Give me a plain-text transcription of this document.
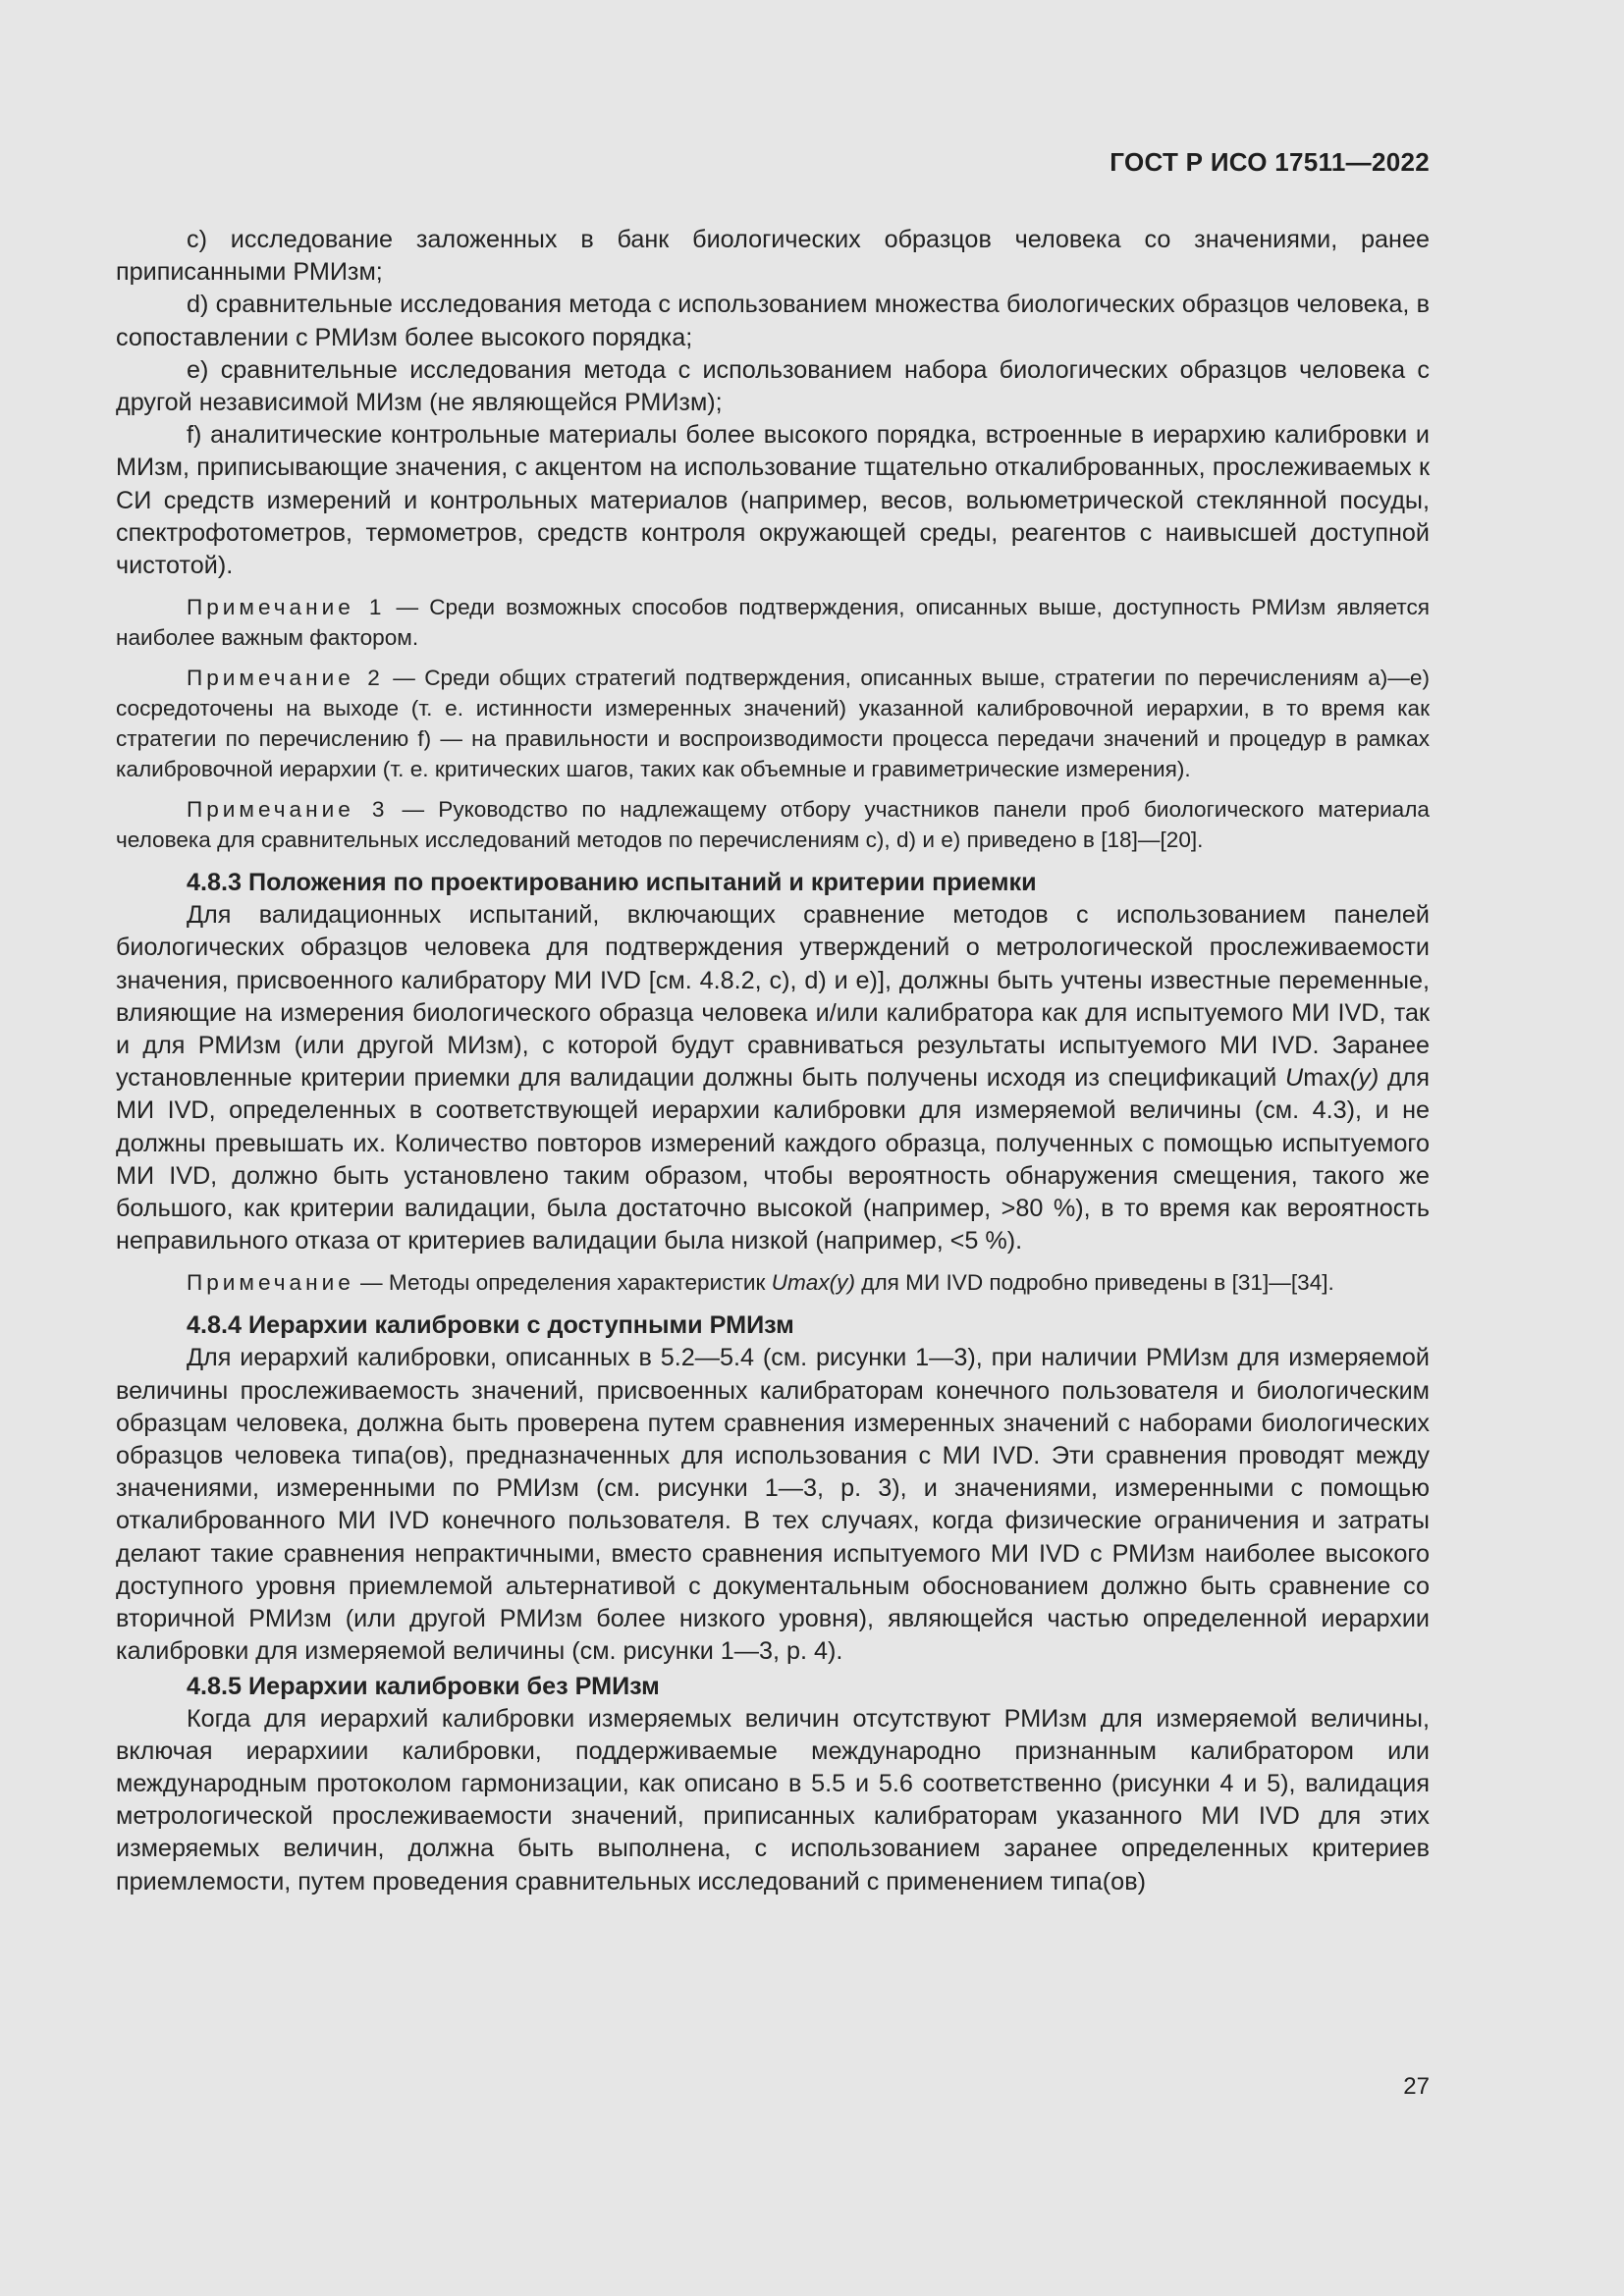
ГОСТ Р ИСО 17511—2022

c) исследование заложенных в банк биологических образцов человека со значениями, ранее приписанными РМИзм;

d) сравнительные исследования метода с использованием множества биологических образцов человека, в сопоставлении с РМИзм более высокого порядка;

e) сравнительные исследования метода с использованием набора биологических образцов человека с другой независимой МИзм (не являющейся РМИзм);

f) аналитические контрольные материалы более высокого порядка, встроенные в иерархию калибровки и МИзм, приписывающие значения, с акцентом на использование тщательно откалиброванных, прослеживаемых к СИ средств измерений и контрольных материалов (например, весов, вольюметрической стеклянной посуды, спектрофотометров, термометров, средств контроля окружающей среды, реагентов с наивысшей доступной чистотой).

Примечание 1 — Среди возможных способов подтверждения, описанных выше, доступность РМИзм является наиболее важным фактором.

Примечание 2 — Среди общих стратегий подтверждения, описанных выше, стратегии по перечислениям а)—е) сосредоточены на выходе (т. е. истинности измеренных значений) указанной калибровочной иерархии, в то время как стратегии по перечислению f) — на правильности и воспроизводимости процесса передачи значений и процедур в рамках калибровочной иерархии (т. е. критических шагов, таких как объемные и гравиметрические измерения).

Примечание 3 — Руководство по надлежащему отбору участников панели проб биологического материала человека для сравнительных исследований методов по перечислениям с), d) и е) приведено в [18]—[20].

4.8.3 Положения по проектированию испытаний и критерии приемки

Для валидационных испытаний, включающих сравнение методов с использованием панелей биологических образцов человека для подтверждения утверждений о метрологической прослеживаемости значения, присвоенного калибратору МИ IVD [см. 4.8.2, с), d) и е)], должны быть учтены известные переменные, влияющие на измерения биологического образца человека и/или калибратора как для испытуемого МИ IVD, так и для РМИзм (или другой МИзм), с которой будут сравниваться результаты испытуемого МИ IVD. Заранее установленные критерии приемки для валидации должны быть получены исходя из спецификаций Umax(y) для МИ IVD, определенных в соответствующей иерархии калибровки для измеряемой величины (см. 4.3), и не должны превышать их. Количество повторов измерений каждого образца, полученных с помощью испытуемого МИ IVD, должно быть установлено таким образом, чтобы вероятность обнаружения смещения, такого же большого, как критерии валидации, была достаточно высокой (например, >80 %), в то время как вероятность неправильного отказа от критериев валидации была низкой (например, <5 %).

Примечание — Методы определения характеристик Umax(y) для МИ IVD подробно приведены в [31]—[34].

4.8.4 Иерархии калибровки с доступными РМИзм

Для иерархий калибровки, описанных в 5.2—5.4 (см. рисунки 1—3), при наличии РМИзм для измеряемой величины прослеживаемость значений, присвоенных калибраторам конечного пользователя и биологическим образцам человека, должна быть проверена путем сравнения измеренных значений с наборами биологических образцов человека типа(ов), предназначенных для использования с МИ IVD. Эти сравнения проводят между значениями, измеренными по РМИзм (см. рисунки 1—3, р. 3), и значениями, измеренными с помощью откалиброванного МИ IVD конечного пользователя. В тех случаях, когда физические ограничения и затраты делают такие сравнения непрактичными, вместо сравнения испытуемого МИ IVD с РМИзм наиболее высокого доступного уровня приемлемой альтернативой с документальным обоснованием должно быть сравнение со вторичной РМИзм (или другой РМИзм более низкого уровня), являющейся частью определенной иерархии калибровки для измеряемой величины (см. рисунки 1—3, р. 4).

4.8.5 Иерархии калибровки без РМИзм

Когда для иерархий калибровки измеряемых величин отсутствуют РМИзм для измеряемой величины, включая иерархиии калибровки, поддерживаемые международно признанным калибратором или международным протоколом гармонизации, как описано в 5.5 и 5.6 соответственно (рисунки 4 и 5), валидация метрологической прослеживаемости значений, приписанных калибраторам указанного МИ IVD для этих измеряемых величин, должна быть выполнена, с использованием заранее определенных критериев приемлемости, путем проведения сравнительных исследований с применением типа(ов)

27
